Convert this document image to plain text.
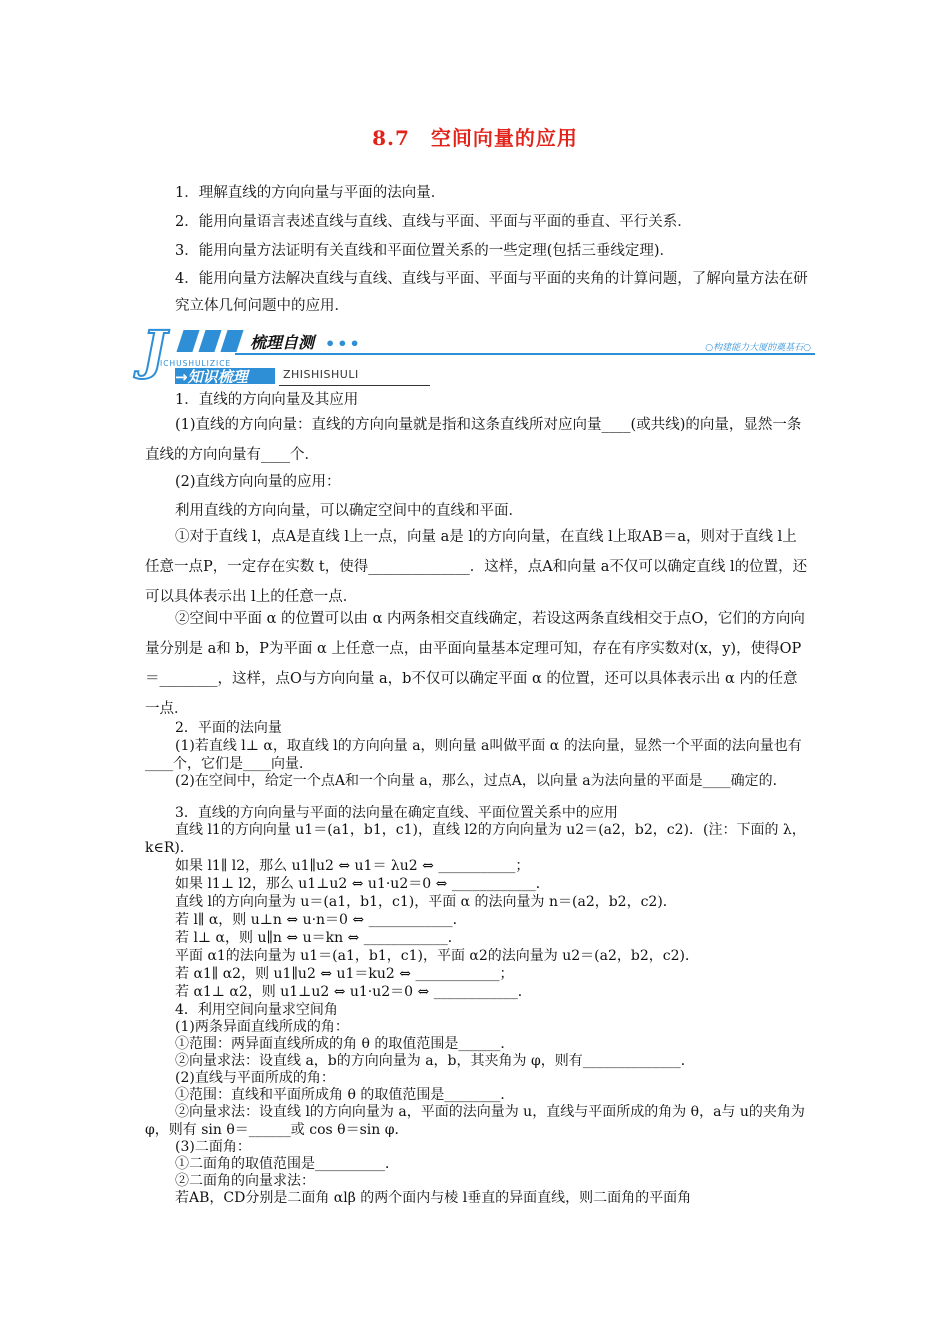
8.7　空间向量的应用
1．理解直线的方向向量与平面的法向量．
2．能用向量语言表述直线与直线、直线与平面、平面与平面的垂直、平行关系．
3．能用向量方法证明有关直线和平面位置关系的一些定理(包括三垂线定理)．
4．能用向量方法解决直线与直线、直线与平面、平面与平面的夹角的计算问题，了解向量方法在研究立体几何问题中的应用．
J	梳理自测 •••	○构建能力大厦的奠基石○
ICHUSHULIZICE
→知识梳理	ZHISHISHULI
1．直线的方向向量及其应用
(1)直线的方向向量：直线的方向向量就是指和这条直线所对应向量____(或共线)的向量，显然一条直线的方向向量有____个．
(2)直线方向向量的应用：
利用直线的方向向量，可以确定空间中的直线和平面．
①对于直线 l，点A是直线 l上一点，向量 a是 l的方向向量，在直线 l上取AB＝a，则对于直线 l上任意一点P，一定存在实数 t，使得______________．这样，点A和向量 a不仅可以确定直线 l的位置，还可以具体表示出 l上的任意一点．
②空间中平面 α 的位置可以由 α 内两条相交直线确定，若设这两条直线相交于点O，它们的方向向量分别是 a和 b，P为平面 α 上任意一点，由平面向量基本定理可知，存在有序实数对(x，y)，使得OP＝________，这样，点O与方向向量 a，b不仅可以确定平面 α 的位置，还可以具体表示出 α 内的任意一点．
2．平面的法向量
(1)若直线 l⊥ α，取直线 l的方向向量 a，则向量 a叫做平面 α 的法向量，显然一个平面的法向量也有____个，它们是____向量．
(2)在空间中，给定一个点A和一个向量 a，那么，过点A，以向量 a为法向量的平面是____确定的．
3．直线的方向向量与平面的法向量在确定直线、平面位置关系中的应用
直线 l1的方向向量 u1＝(a1，b1，c1)，直线 l2的方向向量为 u2＝(a2，b2，c2)．(注：下面的 λ，k∈R)．
如果 l1∥ l2，那么 u1∥u2 ⇔ u1＝ λu2 ⇔ ___________；
如果 l1⊥ l2，那么 u1⊥u2 ⇔ u1·u2＝0 ⇔ ____________．
直线 l的方向向量为 u＝(a1，b1，c1)，平面 α 的法向量为 n＝(a2，b2，c2)．
若 l∥ α，则 u⊥n ⇔ u·n＝0 ⇔ ____________．
若 l⊥ α，则 u∥n ⇔ u＝kn ⇔ ____________．
平面 α1的法向量为 u1＝(a1，b1，c1)，平面 α2的法向量为 u2＝(a2，b2，c2)．
若 α1∥ α2，则 u1∥u2 ⇔ u1＝ku2 ⇔ ____________；
若 α1⊥ α2，则 u1⊥u2 ⇔ u1·u2＝0 ⇔ ____________．
4．利用空间向量求空间角
(1)两条异面直线所成的角：
①范围：两异面直线所成的角 θ 的取值范围是______．
②向量求法：设直线 a，b的方向向量为 a，b，其夹角为 φ，则有______________．
(2)直线与平面所成的角：
①范围：直线和平面所成角 θ 的取值范围是________．
②向量求法：设直线 l的方向向量为 a，平面的法向量为 u，直线与平面所成的角为 θ，a与 u的夹角为 φ，则有 sin θ＝______或 cos θ＝sin φ．
(3)二面角：
①二面角的取值范围是__________．
②二面角的向量求法：
若AB，CD分别是二面角 αlβ 的两个面内与棱 l垂直的异面直线，则二面角的平面角
